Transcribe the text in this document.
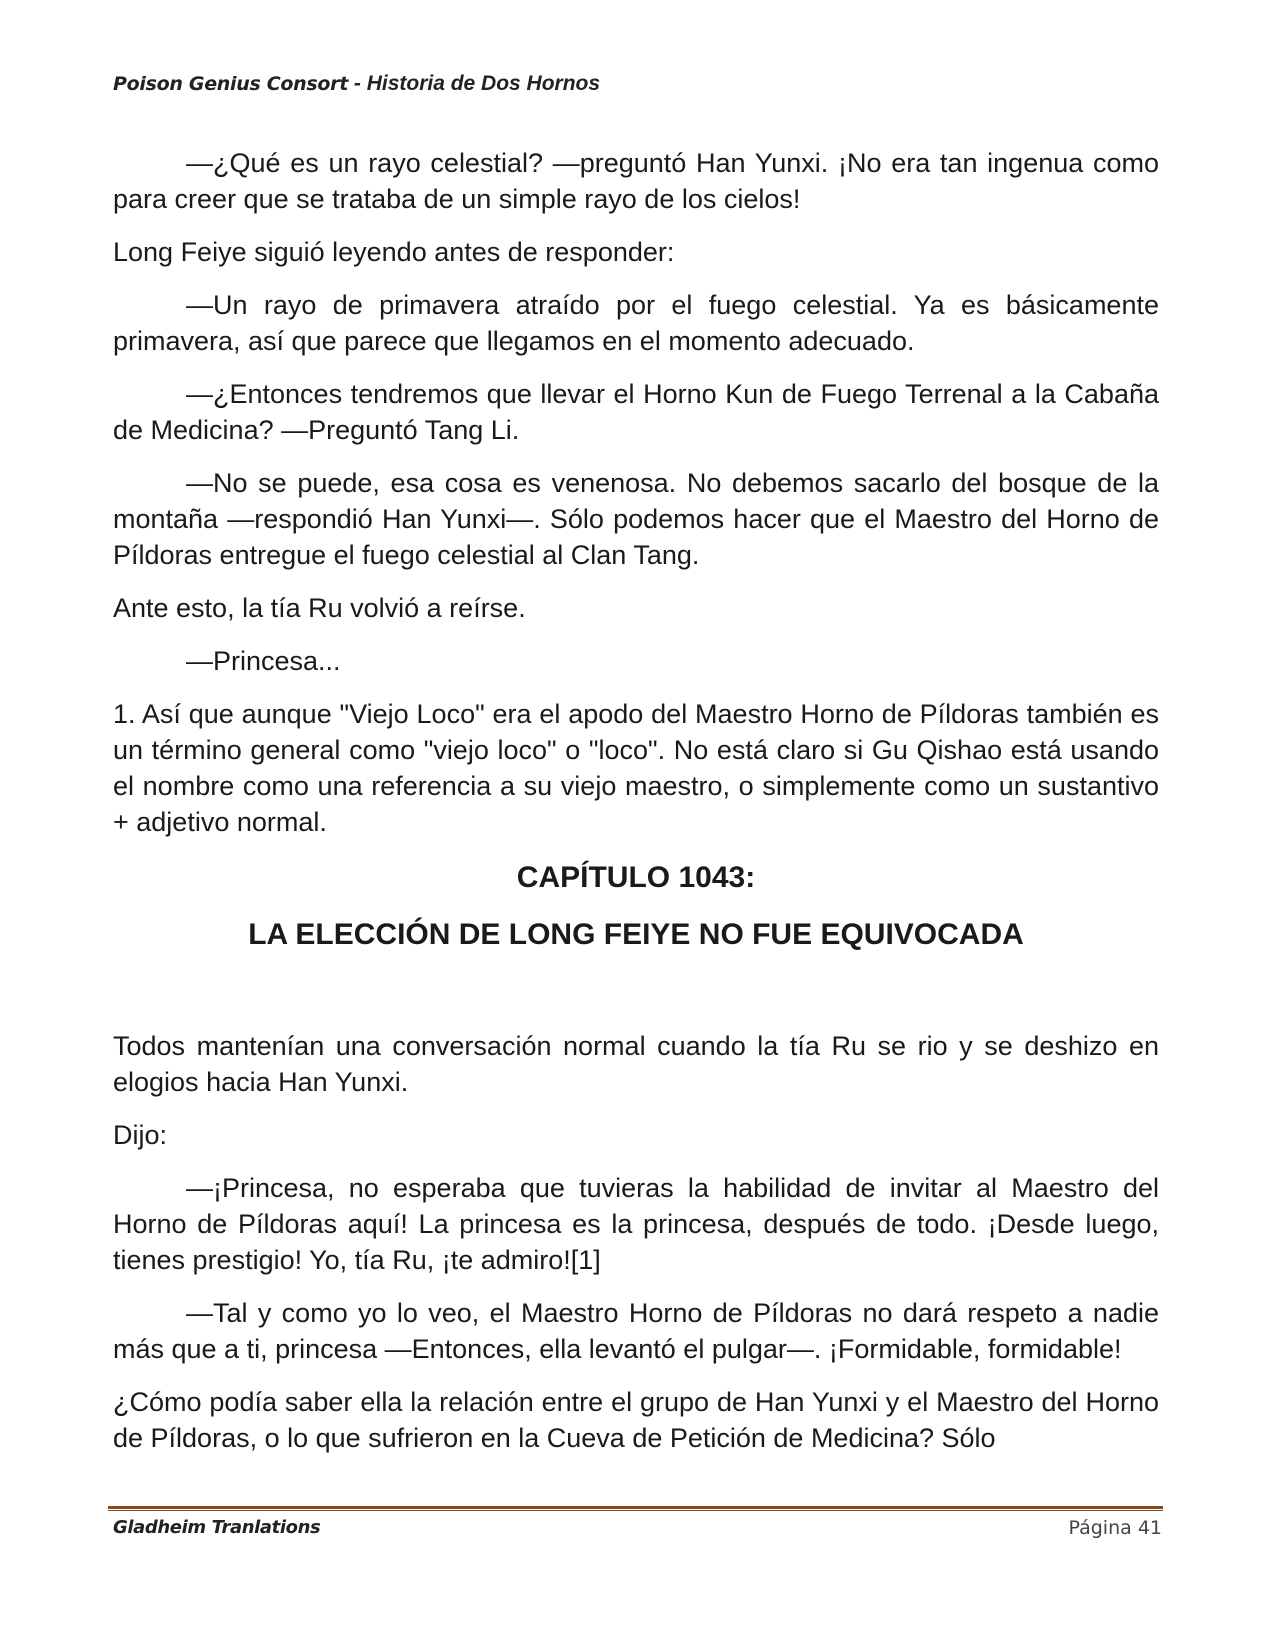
Poison Genius Consort - Historia de Dos Hornos

—¿Qué es un rayo celestial? —preguntó Han Yunxi. ¡No era tan ingenua como para creer que se trataba de un simple rayo de los cielos!

Long Feiye siguió leyendo antes de responder:

—Un rayo de primavera atraído por el fuego celestial. Ya es básicamente primavera, así que parece que llegamos en el momento adecuado.

—¿Entonces tendremos que llevar el Horno Kun de Fuego Terrenal a la Cabaña de Medicina? —Preguntó Tang Li.

—No se puede, esa cosa es venenosa. No debemos sacarlo del bosque de la montaña —respondió Han Yunxi—. Sólo podemos hacer que el Maestro del Horno de Píldoras entregue el fuego celestial al Clan Tang.

Ante esto, la tía Ru volvió a reírse.

—Princesa...

1. Así que aunque "Viejo Loco" era el apodo del Maestro Horno de Píldoras también es un término general como "viejo loco" o "loco". No está claro si Gu Qishao está usando el nombre como una referencia a su viejo maestro, o simplemente como un sustantivo + adjetivo normal.

CAPÍTULO 1043:
LA ELECCIÓN DE LONG FEIYE NO FUE EQUIVOCADA

Todos mantenían una conversación normal cuando la tía Ru se rio y se deshizo en elogios hacia Han Yunxi.

Dijo:

—¡Princesa, no esperaba que tuvieras la habilidad de invitar al Maestro del Horno de Píldoras aquí! La princesa es la princesa, después de todo. ¡Desde luego, tienes prestigio! Yo, tía Ru, ¡te admiro![1]

—Tal y como yo lo veo, el Maestro Horno de Píldoras no dará respeto a nadie más que a ti, princesa —Entonces, ella levantó el pulgar—. ¡Formidable, formidable!

¿Cómo podía saber ella la relación entre el grupo de Han Yunxi y el Maestro del Horno de Píldoras, o lo que sufrieron en la Cueva de Petición de Medicina? Sólo

Gladheim Tranlations	Página 41
